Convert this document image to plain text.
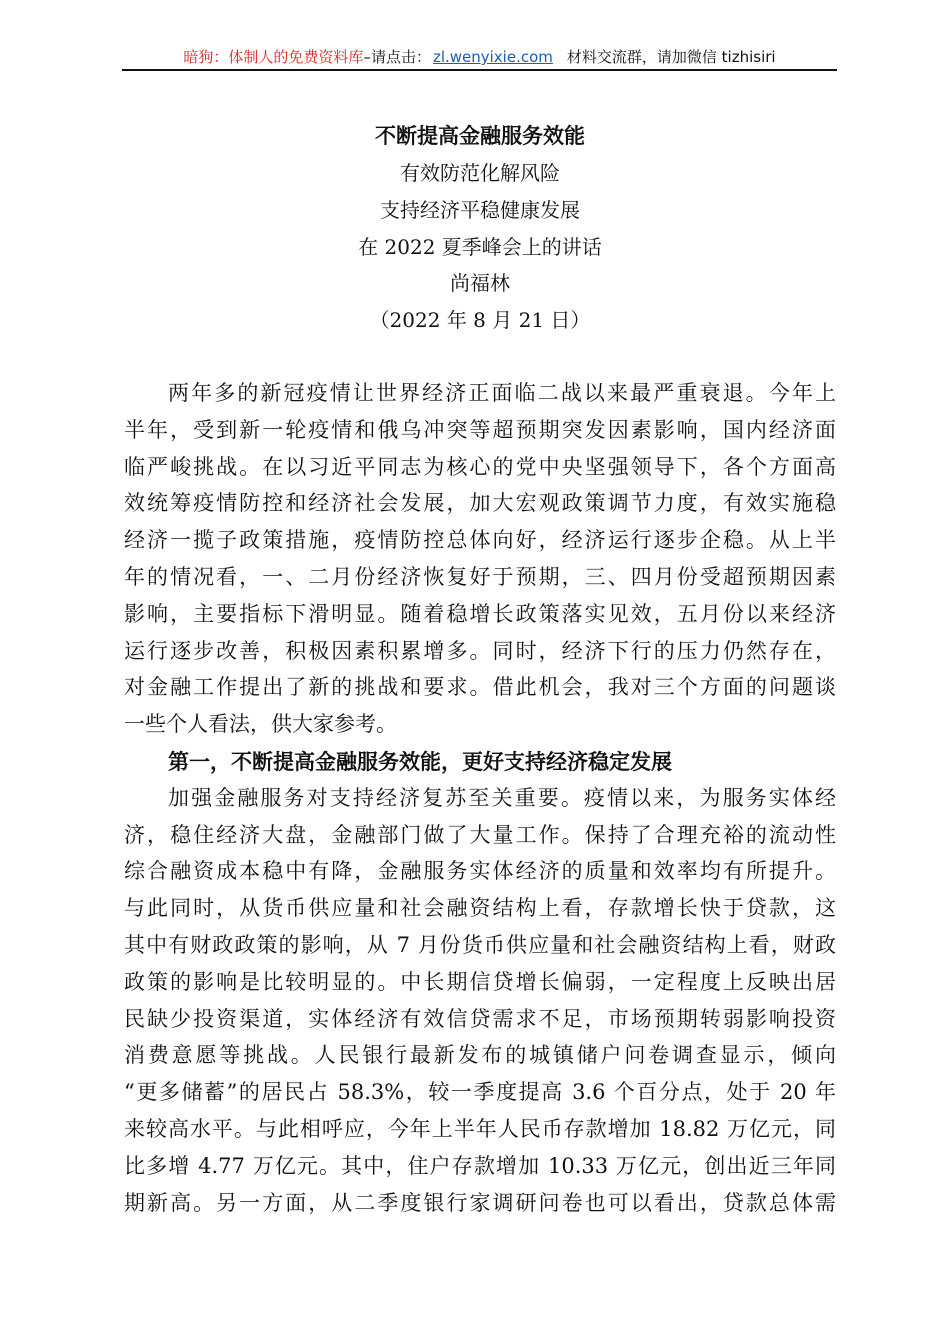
暗狗：体制人的免费资料库–请点击： zl.wenyixie.com 材料交流群，请加微信 tizhisiri
不断提高金融服务效能
有效防范化解风险
支持经济平稳健康发展
在 2022 夏季峰会上的讲话
尚福林
（2022 年 8 月 21 日）
两年多的新冠疫情让世界经济正面临二战以来最严重衰退。今年上
半年，受到新一轮疫情和俄乌冲突等超预期突发因素影响，国内经济面
临严峻挑战。在以习近平同志为核心的党中央坚强领导下，各个方面高
效统筹疫情防控和经济社会发展，加大宏观政策调节力度，有效实施稳
经济一揽子政策措施，疫情防控总体向好，经济运行逐步企稳。从上半
年的情况看，一、二月份经济恢复好于预期，三、四月份受超预期因素
影响，主要指标下滑明显。随着稳增长政策落实见效，五月份以来经济
运行逐步改善，积极因素积累增多。同时，经济下行的压力仍然存在，
对金融工作提出了新的挑战和要求。借此机会，我对三个方面的问题谈
一些个人看法，供大家参考。
第一，不断提高金融服务效能，更好支持经济稳定发展
加强金融服务对支持经济复苏至关重要。疫情以来，为服务实体经
济，稳住经济大盘，金融部门做了大量工作。保持了合理充裕的流动性
综合融资成本稳中有降，金融服务实体经济的质量和效率均有所提升。
与此同时，从货币供应量和社会融资结构上看，存款增长快于贷款，这
其中有财政政策的影响，从 7 月份货币供应量和社会融资结构上看，财政
政策的影响是比较明显的。中长期信贷增长偏弱，一定程度上反映出居
民缺少投资渠道，实体经济有效信贷需求不足，市场预期转弱影响投资
消费意愿等挑战。人民银行最新发布的城镇储户问卷调查显示，倾向
“更多储蓄”的居民占 58.3%，较一季度提高 3.6 个百分点，处于 20 年
来较高水平。与此相呼应，今年上半年人民币存款增加 18.82 万亿元，同
比多增 4.77 万亿元。其中，住户存款增加 10.33 万亿元，创出近三年同
期新高。另一方面，从二季度银行家调研问卷也可以看出，贷款总体需
